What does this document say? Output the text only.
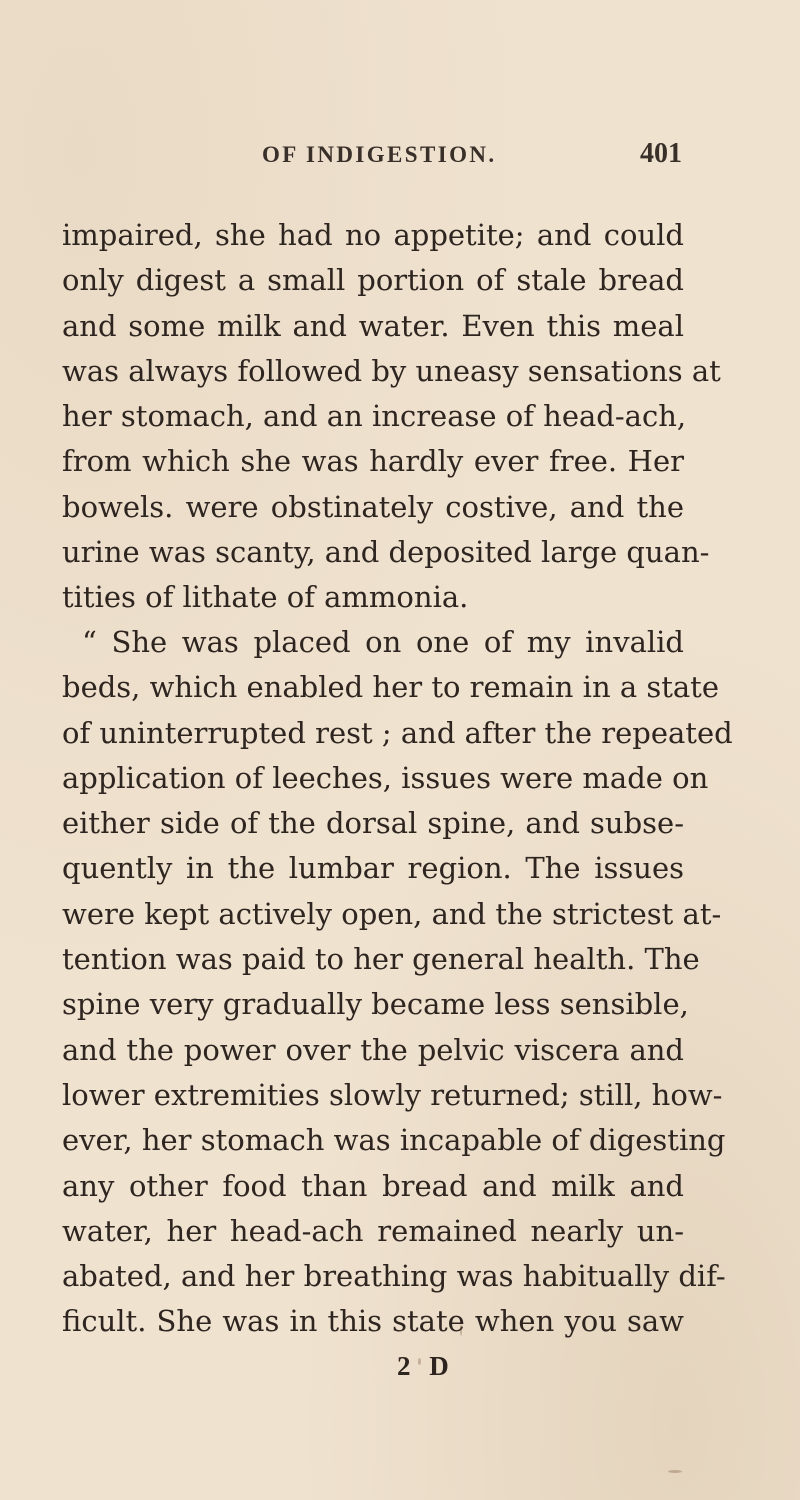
OF INDIGESTION.	401
impaired, she had no appetite; and could
only digest a small portion of stale bread
and some milk and water. Even this meal
was always followed by uneasy sensations at
her stomach, and an increase of head-ach,
from which she was hardly ever free. Her
bowels. were obstinately costive, and the
urine was scanty, and deposited large quan-
tities of lithate of ammonia.
“ She was placed on one of my invalid
beds, which enabled her to remain in a state
of uninterrupted rest ; and after the repeated
application of leeches, issues were made on
either side of the dorsal spine, and subse-
quently in the lumbar region. The issues
were kept actively open, and the strictest at-
tention was paid to her general health. The
spine very gradually became less sensible,
and the power over the pelvic viscera and
lower extremities slowly returned; still, how-
ever, her stomach was incapable of digesting
any other food than bread and milk and
water, her head-ach remained nearly un-
abated, and her breathing was habitually dif-
ficult. She was in this state when you saw
2 D
